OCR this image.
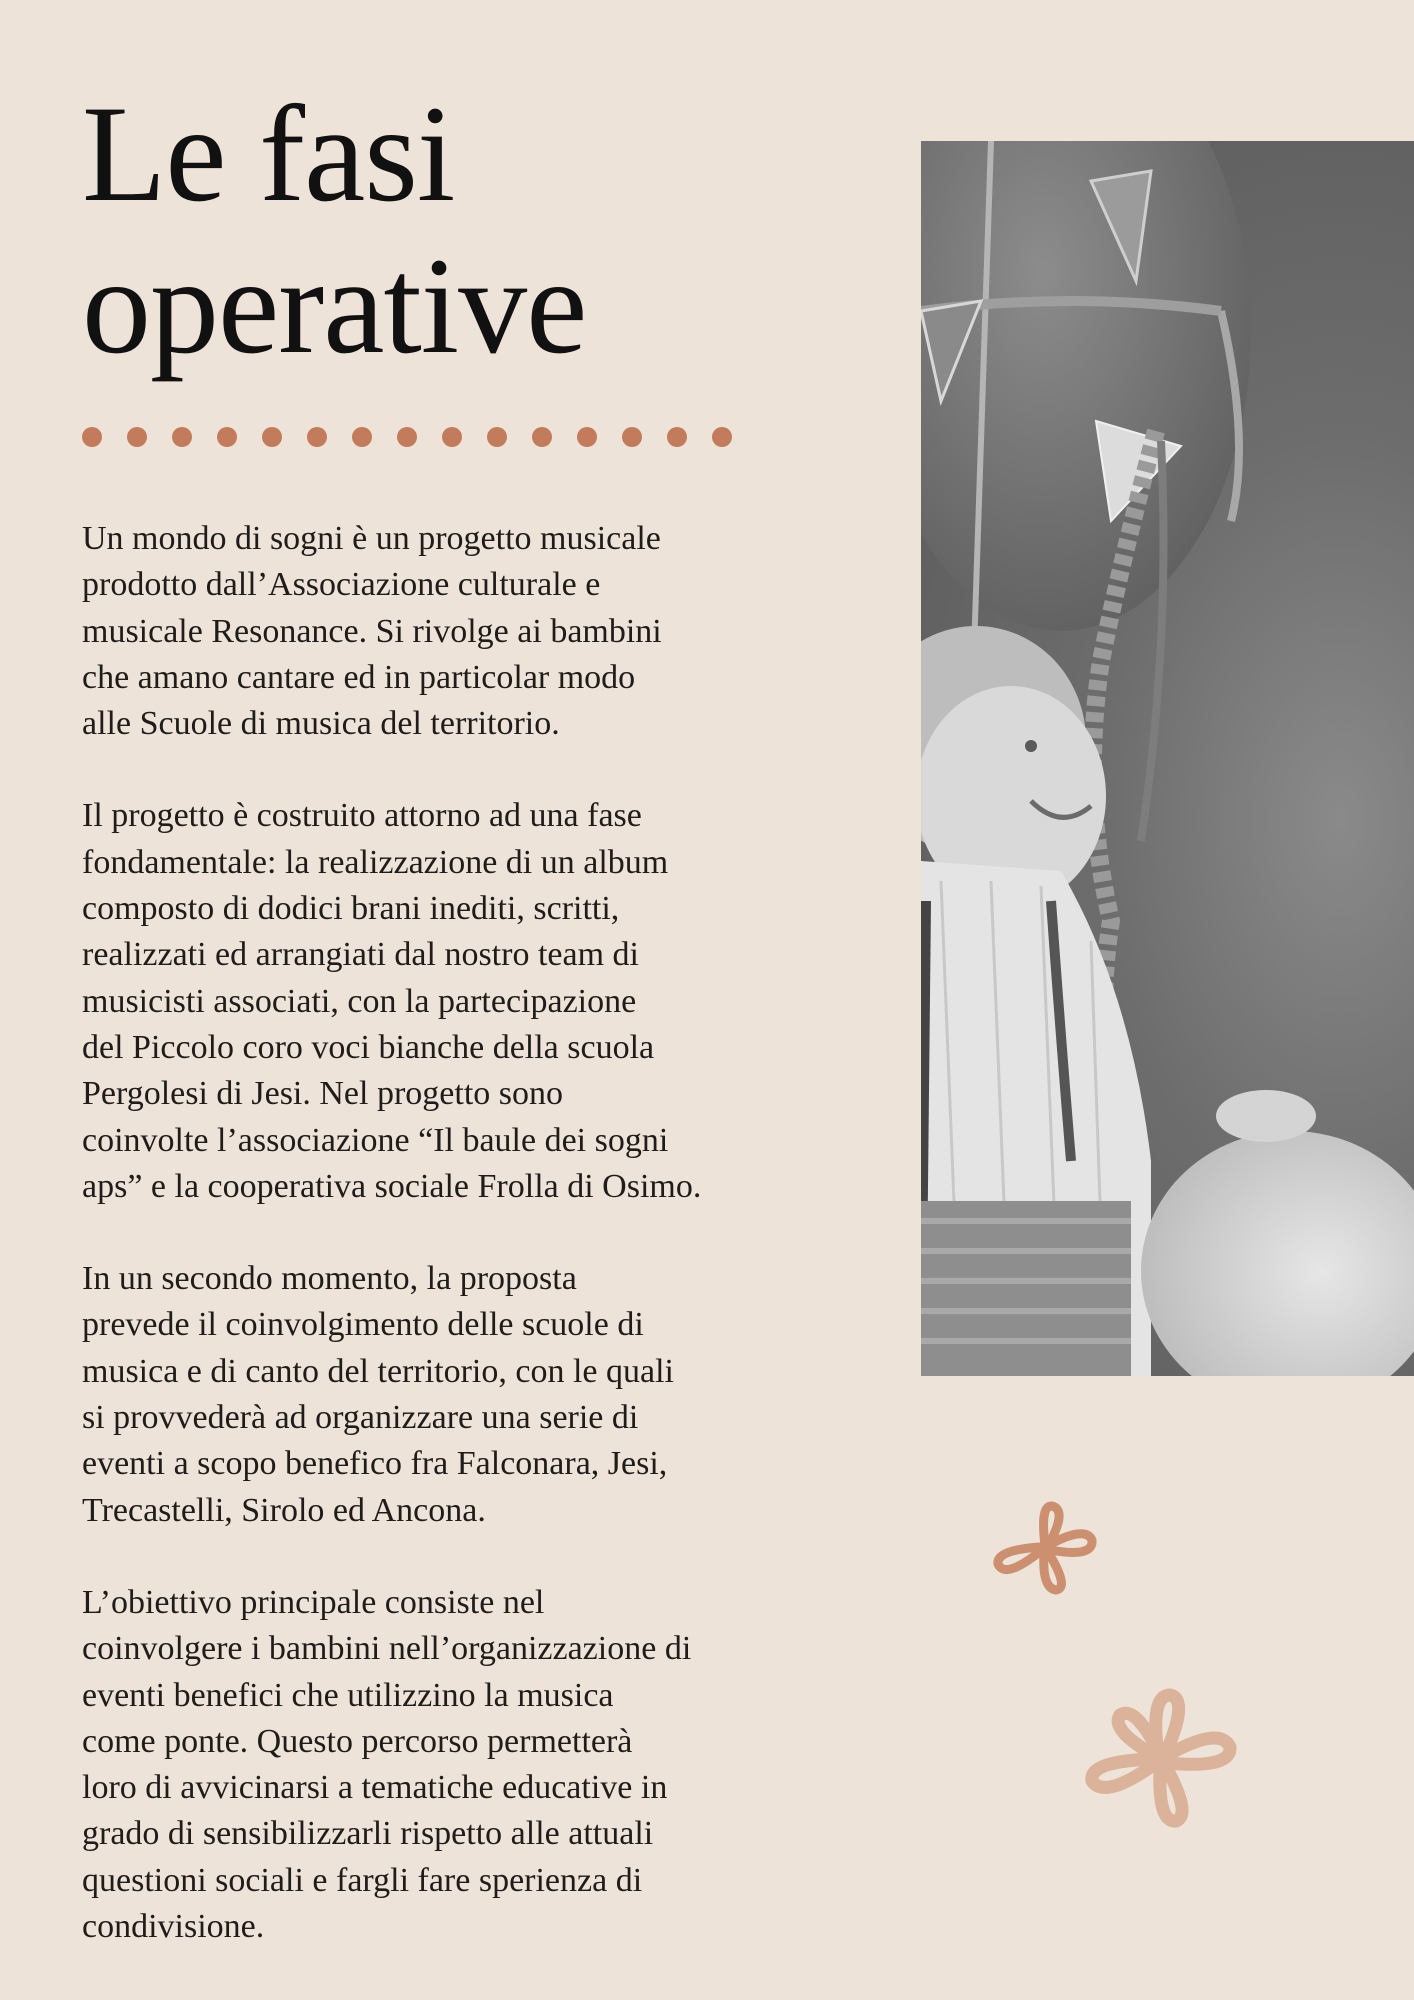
Le fasi
operative

Un mondo di sogni è un progetto musicale
prodotto dall’Associazione culturale e
musicale Resonance. Si rivolge ai bambini
che amano cantare ed in particolar modo
alle Scuole di musica del territorio.

Il progetto è costruito attorno ad una fase
fondamentale: la realizzazione di un album
composto di dodici brani inediti, scritti,
realizzati ed arrangiati dal nostro team di
musicisti associati, con la partecipazione
del Piccolo coro voci bianche della scuola
Pergolesi di Jesi. Nel progetto sono
coinvolte l’associazione “Il baule dei sogni
aps” e la cooperativa sociale Frolla di Osimo.

In un secondo momento, la proposta
prevede il coinvolgimento delle scuole di
musica e di canto del territorio, con le quali
si provvederà ad organizzare una serie di
eventi a scopo benefico fra Falconara, Jesi,
Trecastelli, Sirolo ed Ancona.

L’obiettivo principale consiste nel
coinvolgere i bambini nell’organizzazione di
eventi benefici che utilizzino la musica
come ponte. Questo percorso permetterà
loro di avvicinarsi a tematiche educative in
grado di sensibilizzarli rispetto alle attuali
questioni sociali e fargli fare sperienza di
condivisione.
